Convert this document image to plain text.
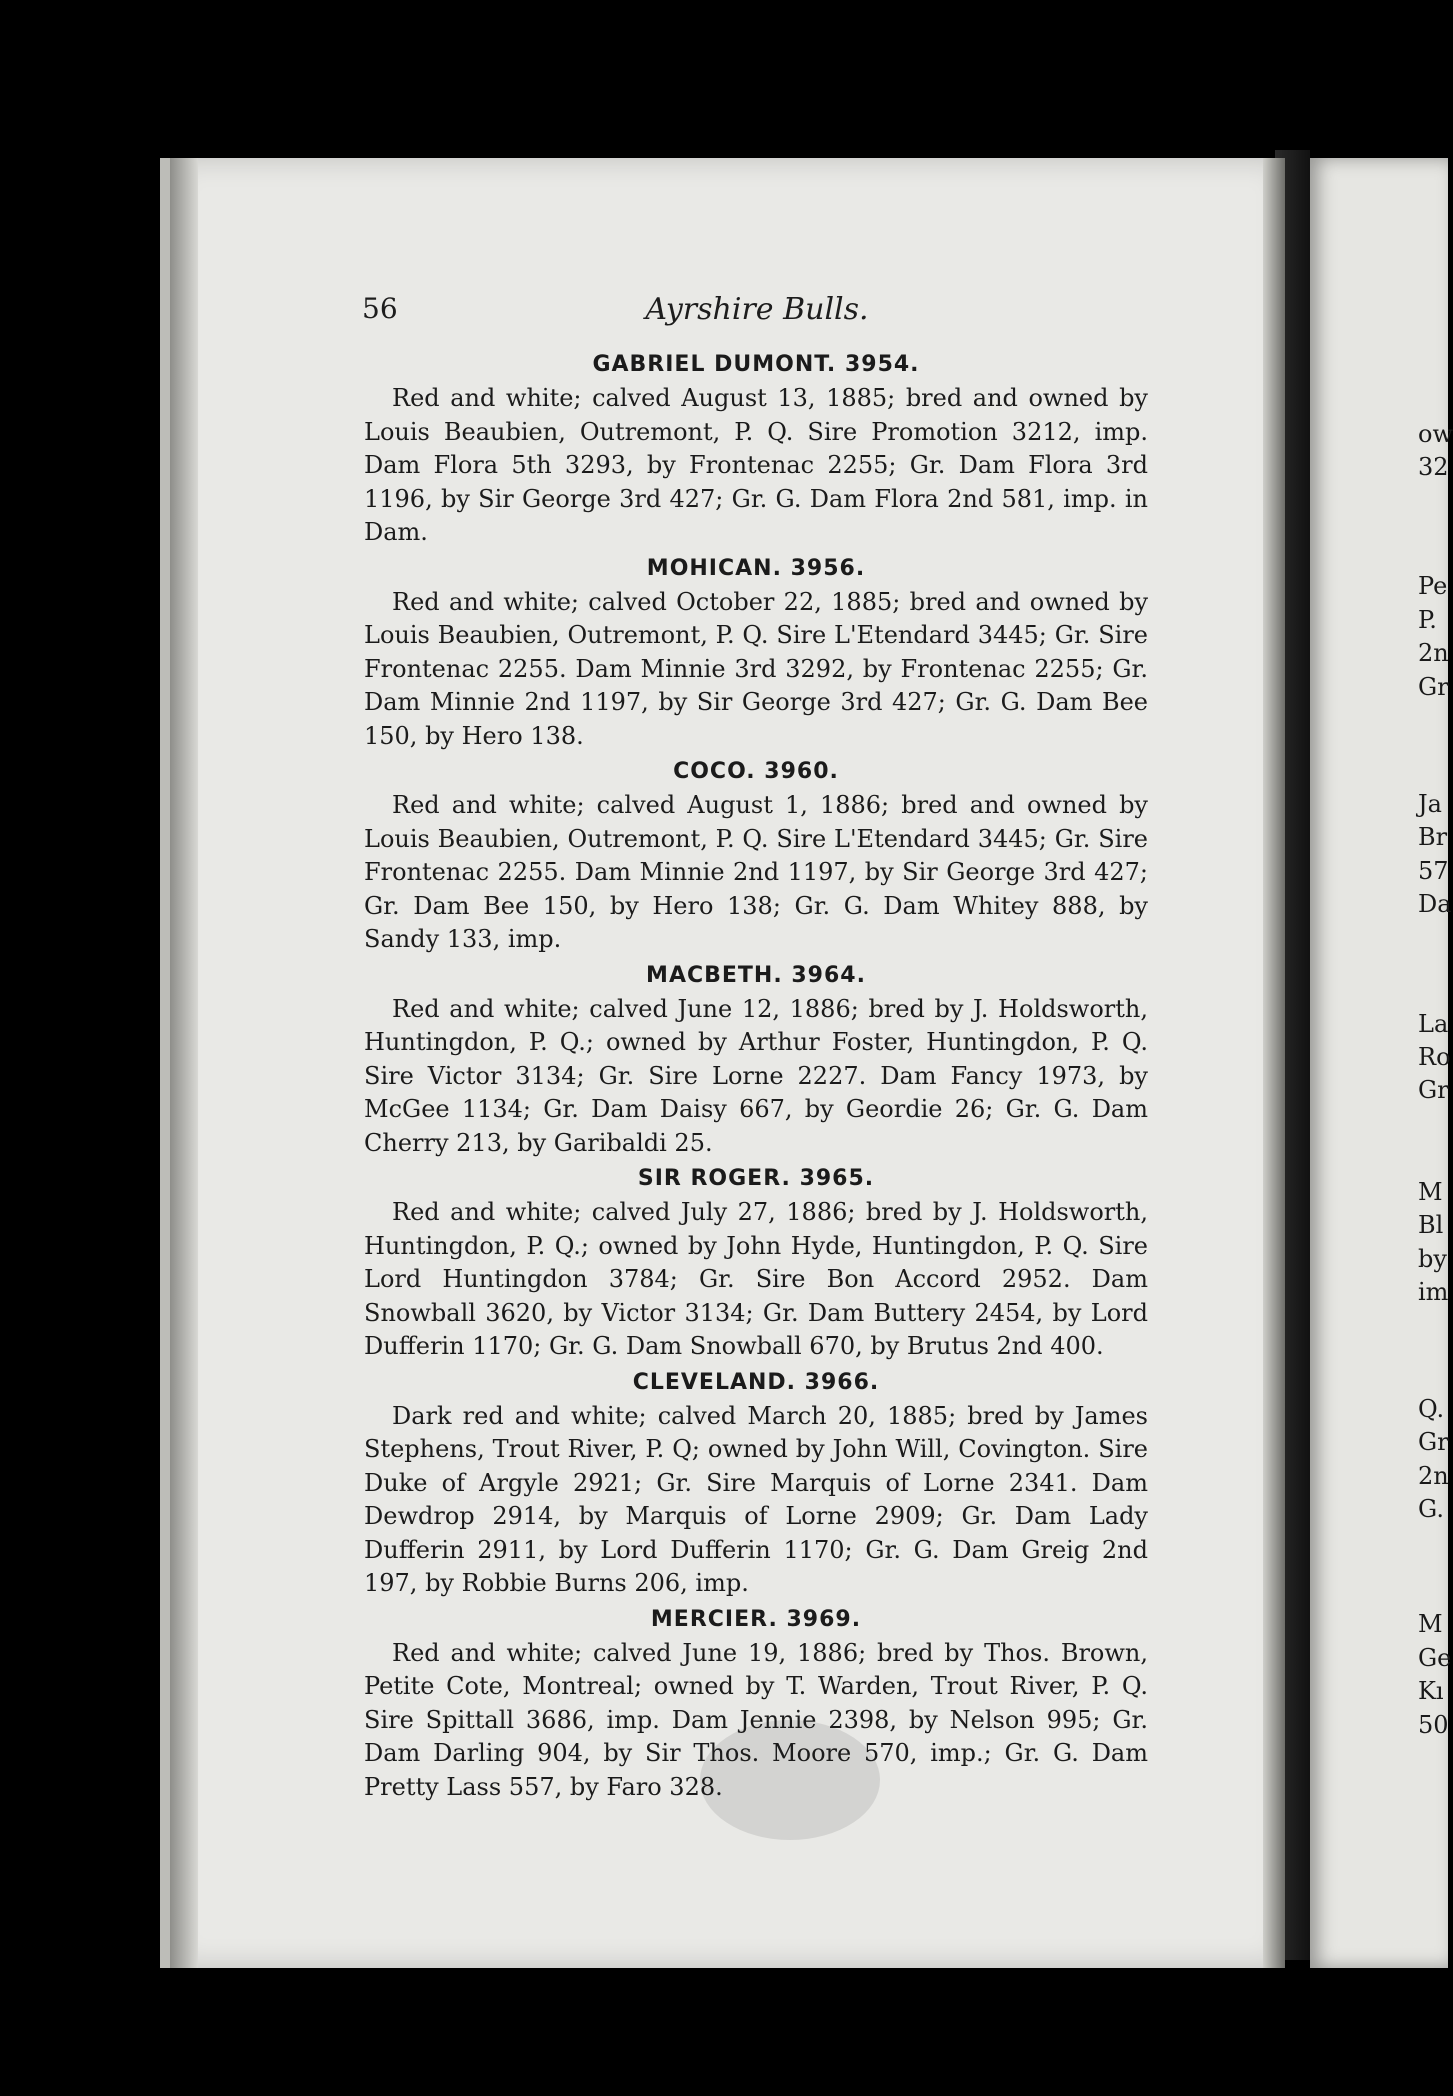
ow
32
Pe
P.
2n
Gr
Ja
Br
57
Da
La
Ro
Gr
M
Bl
by
im
Q.
Gr
2n
G.
M
Ge
Kı
50
56	Ayrshire Bulls.

GABRIEL DUMONT. 3954.

Red and white; calved August 13, 1885; bred and owned by Louis Beaubien, Outremont, P. Q. Sire Promotion 3212, imp. Dam Flora 5th 3293, by Frontenac 2255; Gr. Dam Flora 3rd 1196, by Sir George 3rd 427; Gr. G. Dam Flora 2nd 581, imp. in Dam.

MOHICAN. 3956.

Red and white; calved October 22, 1885; bred and owned by Louis Beaubien, Outremont, P. Q. Sire L'Etendard 3445; Gr. Sire Frontenac 2255. Dam Minnie 3rd 3292, by Frontenac 2255; Gr. Dam Minnie 2nd 1197, by Sir George 3rd 427; Gr. G. Dam Bee 150, by Hero 138.

COCO. 3960.

Red and white; calved August 1, 1886; bred and owned by Louis Beaubien, Outremont, P. Q. Sire L'Etendard 3445; Gr. Sire Frontenac 2255. Dam Minnie 2nd 1197, by Sir George 3rd 427; Gr. Dam Bee 150, by Hero 138; Gr. G. Dam Whitey 888, by Sandy 133, imp.

MACBETH. 3964.

Red and white; calved June 12, 1886; bred by J. Holdsworth, Huntingdon, P. Q.; owned by Arthur Foster, Huntingdon, P. Q. Sire Victor 3134; Gr. Sire Lorne 2227. Dam Fancy 1973, by McGee 1134; Gr. Dam Daisy 667, by Geordie 26; Gr. G. Dam Cherry 213, by Garibaldi 25.

SIR ROGER. 3965.

Red and white; calved July 27, 1886; bred by J. Holdsworth, Huntingdon, P. Q.; owned by John Hyde, Huntingdon, P. Q. Sire Lord Huntingdon 3784; Gr. Sire Bon Accord 2952. Dam Snowball 3620, by Victor 3134; Gr. Dam Buttery 2454, by Lord Dufferin 1170; Gr. G. Dam Snowball 670, by Brutus 2nd 400.

CLEVELAND. 3966.

Dark red and white; calved March 20, 1885; bred by James Stephens, Trout River, P. Q; owned by John Will, Covington. Sire Duke of Argyle 2921; Gr. Sire Marquis of Lorne 2341. Dam Dewdrop 2914, by Marquis of Lorne 2909; Gr. Dam Lady Dufferin 2911, by Lord Dufferin 1170; Gr. G. Dam Greig 2nd 197, by Robbie Burns 206, imp.

MERCIER. 3969.

Red and white; calved June 19, 1886; bred by Thos. Brown, Petite Cote, Montreal; owned by T. Warden, Trout River, P. Q. Sire Spittall 3686, imp. Dam Jennie 2398, by Nelson 995; Gr. Dam Darling 904, by Sir Thos. Moore 570, imp.; Gr. G. Dam Pretty Lass 557, by Faro 328.
